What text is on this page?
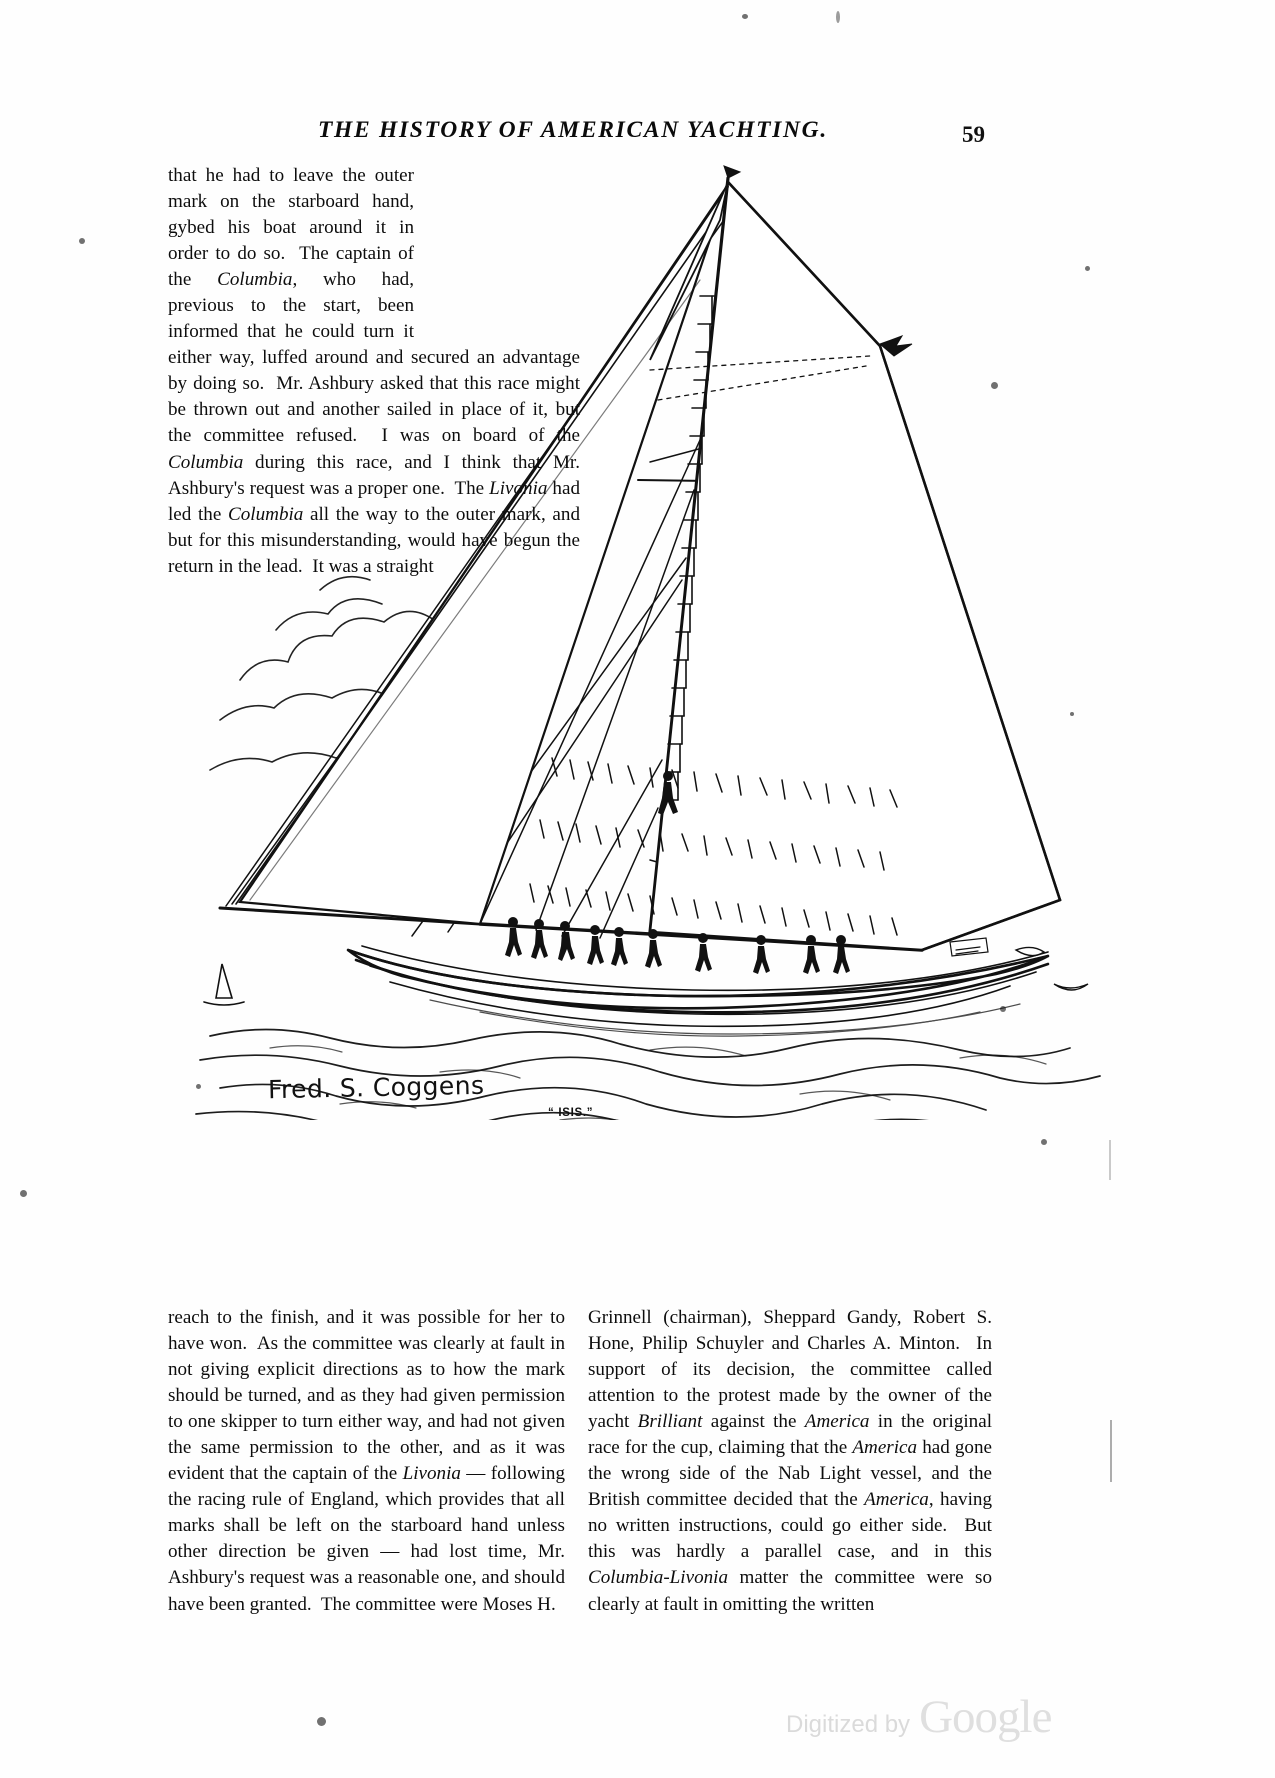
THE HISTORY OF AMERICAN YACHTING.	59
Fred. S. Coggens
“ ISIS.”

that he had to leave the outer mark on the starboard hand, gybed his boat around it in order to do so.  The captain of the Columbia, who had, previous to the start, been informed that he could turn it either way, luffed around and secured an advantage by doing so.  Mr. Ashbury asked that this race might be thrown out and another sailed in place of it, but the committee refused.  I was on board of the Columbia during this race, and I think that Mr. Ashbury's request was a proper one.  The Livonia had led the Columbia all the way to the outer mark, and but for this misunderstanding, would have begun the return in the lead.  It was a straight

reach to the finish, and it was possible for her to have won.  As the committee was clearly at fault in not giving explicit directions as to how the mark should be turned, and as they had given permission to one skipper to turn either way, and had not given the same permission to the other, and as it was evident that the captain of the Livonia — following the racing rule of England, which provides that all marks shall be left on the starboard hand unless other direction be given — had lost time, Mr. Ashbury's request was a reasonable one, and should have been granted.  The committee were Moses H.

Grinnell (chairman), Sheppard Gandy, Robert S. Hone, Philip Schuyler and Charles A. Minton.  In support of its decision, the committee called attention to the protest made by the owner of the yacht Brilliant against the America in the original race for the cup, claiming that the America had gone the wrong side of the Nab Light vessel, and the British committee decided that the America, having no written instructions, could go either side.  But this was hardly a parallel case, and in this Columbia-Livonia matter the committee were so clearly at fault in omitting the written

Digitized by Google
